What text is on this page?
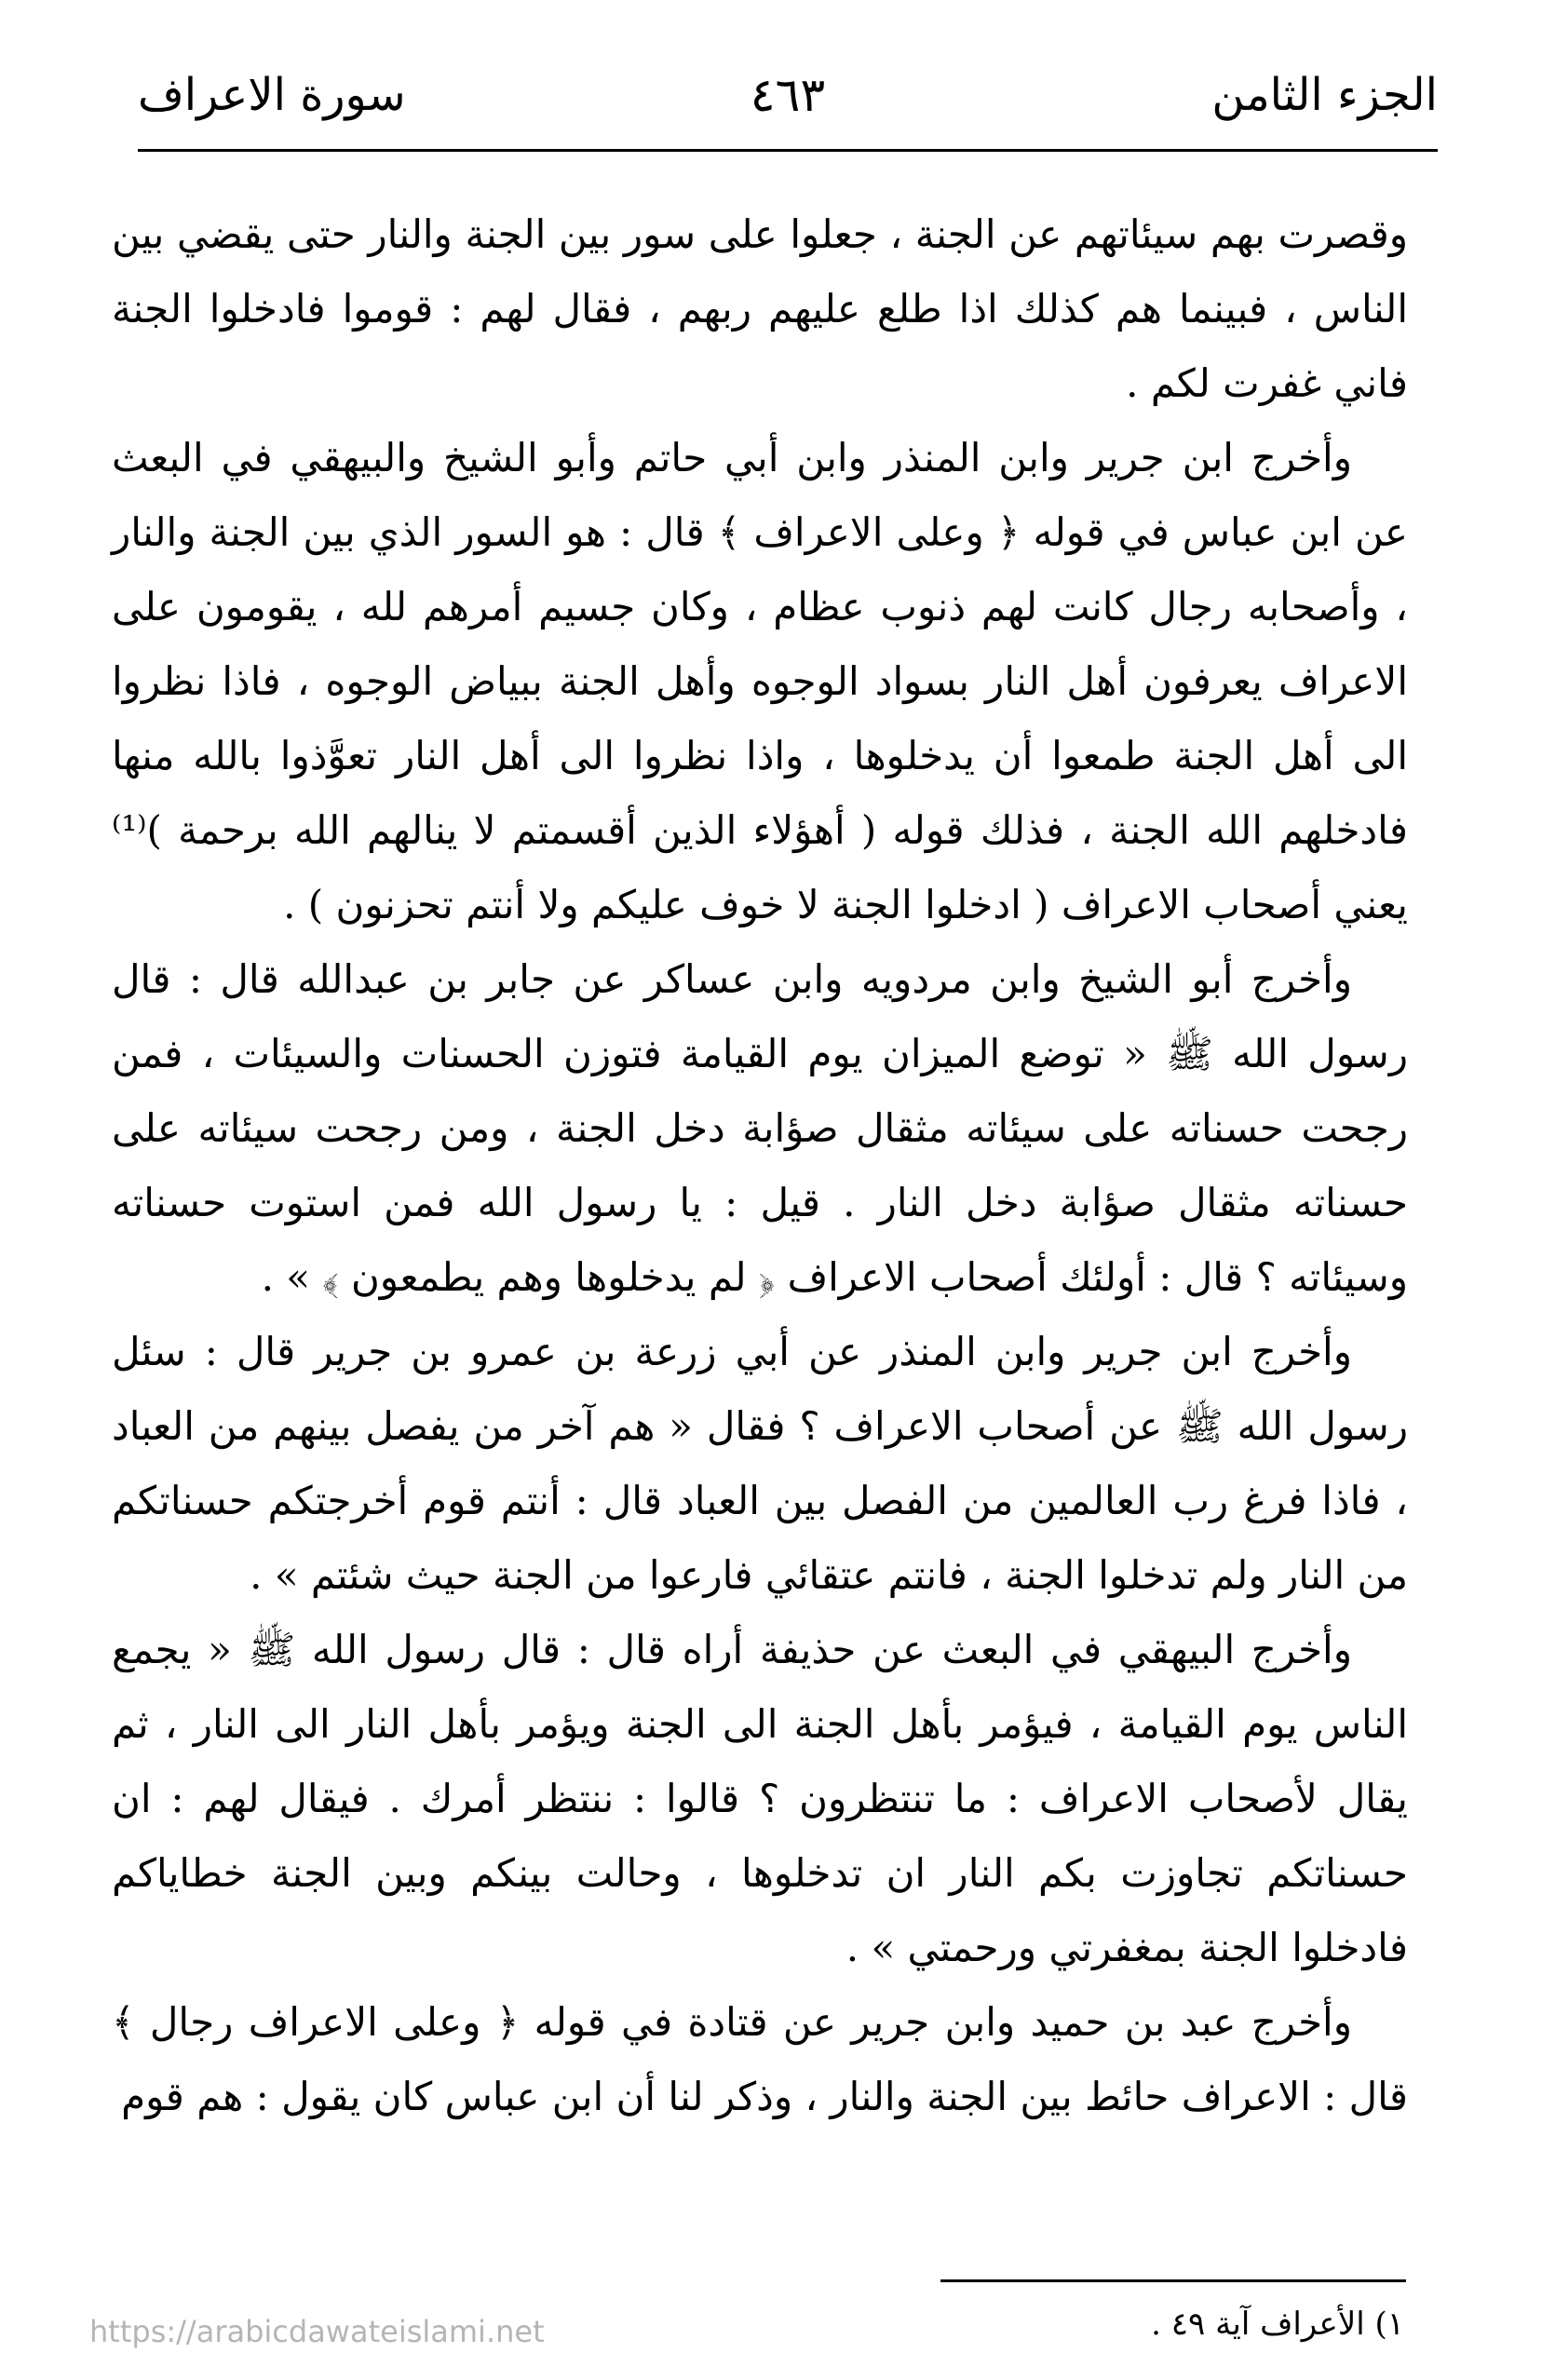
الجزء الثامن
٤٦٣
سورة الاعراف

وقصرت بهم سيئاتهم عن الجنة ، جعلوا على سور بين الجنة والنار حتى يقضي بين الناس ، فبينما هم كذلك اذا طلع عليهم ربهم ، فقال لهم : قوموا فادخلوا الجنة فاني غفرت لكم .

وأخرج ابن جرير وابن المنذر وابن أبي حاتم وأبو الشيخ والبيهقي في البعث عن ابن عباس في قوله ﴿ وعلى الاعراف ﴾ قال : هو السور الذي بين الجنة والنار ، وأصحابه رجال كانت لهم ذنوب عظام ، وكان جسيم أمرهم لله ، يقومون على الاعراف يعرفون أهل النار بسواد الوجوه وأهل الجنة ببياض الوجوه ، فاذا نظروا الى أهل الجنة طمعوا أن يدخلوها ، واذا نظروا الى أهل النار تعوَّذوا بالله منها فادخلهم الله الجنة ، فذلك قوله ( أهؤلاء الذين أقسمتم لا ينالهم الله برحمة )⁽¹⁾ يعني أصحاب الاعراف ( ادخلوا الجنة لا خوف عليكم ولا أنتم تحزنون ) .

وأخرج أبو الشيخ وابن مردويه وابن عساكر عن جابر بن عبدالله قال : قال رسول الله ﷺ « توضع الميزان يوم القيامة فتوزن الحسنات والسيئات ، فمن رجحت حسناته على سيئاته مثقال صؤابة دخل الجنة ، ومن رجحت سيئاته على حسناته مثقال صؤابة دخل النار . قيل : يا رسول الله فمن استوت حسناته وسيئاته ؟ قال : أولئك أصحاب الاعراف ﴿ لم يدخلوها وهم يطمعون ﴾ » .

وأخرج ابن جرير وابن المنذر عن أبي زرعة بن عمرو بن جرير قال : سئل رسول الله ﷺ عن أصحاب الاعراف ؟ فقال « هم آخر من يفصل بينهم من العباد ، فاذا فرغ رب العالمين من الفصل بين العباد قال : أنتم قوم أخرجتكم حسناتكم من النار ولم تدخلوا الجنة ، فانتم عتقائي فارعوا من الجنة حيث شئتم » .

وأخرج البيهقي في البعث عن حذيفة أراه قال : قال رسول الله ﷺ « يجمع الناس يوم القيامة ، فيؤمر بأهل الجنة الى الجنة ويؤمر بأهل النار الى النار ، ثم يقال لأصحاب الاعراف : ما تنتظرون ؟ قالوا : ننتظر أمرك . فيقال لهم : ان حسناتكم تجاوزت بكم النار ان تدخلوها ، وحالت بينكم وبين الجنة خطاياكم فادخلوا الجنة بمغفرتي ورحمتي » .

وأخرج عبد بن حميد وابن جرير عن قتادة في قوله ﴿ وعلى الاعراف رجال ﴾ قال : الاعراف حائط بين الجنة والنار ، وذكر لنا أن ابن عباس كان يقول : هم قوم

١) الأعراف آية ٤٩ .
https://arabicdawateislami.net
